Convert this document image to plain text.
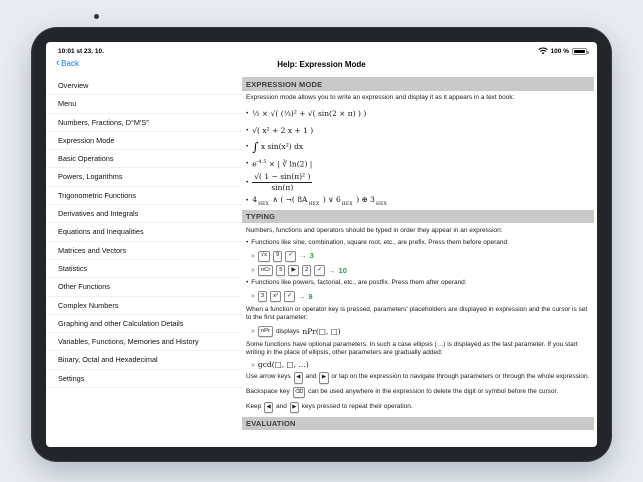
10:01 st 23. 10.	100 %
‹ Back	Help: Expression Mode
Overview
Menu
Numbers, Fractions, D°M′S″
Expression Mode
Basic Operations
Powers, Logarithms
Trigonometric Functions
Derivatives and Integrals
Equations and Inequalities
Matrices and Vectors
Statistics
Other Functions
Complex Numbers
Graphing and other Calculation Details
Variables, Functions, Memories and History
Binary, Octal and Hexadecimal
Settings
EXPRESSION MODE
Expression mode allows you to write an expression and display it as it appears in a text book:
• ½ × √( (⅓)² + √( sin(2 × π) ) )
• √( x² + 2 x + 1 )
• ∫ x sin(x²) dx
• $e^{-4.5}$ × | ∛ ln(2) |
• $\frac{\text{√( 1 − sin(π)² )}}{\sin(\pi)}$
• $4_{HEX}$ ∧ ( ¬( $8A_{HEX}$ ) ∨ $6_{HEX}$ ) ⊕ $3_{HEX}$
TYPING
Numbers, functions and operators should be typed in order they appear in an expression:
• Functions like sine, combination, square root, etc., are prefix. Press them before operand:
»	√x	9	✓ → 3
»	nCr	5	▶	2	✓ → 10
• Functions like powers, factorial, etc., are postfix. Press them after operand:
»	3	x²	✓ → 9
When a function or operator key is pressed, parameters' placeholders are displayed in expression and the cursor is set to the first parameter:
»	nPr displays nPr(□, □)
Some functions have optional parameters. In such a case ellipsis (…) is displayed as the last parameter. If you start writing in the place of ellipsis, other parameters are gradually added:
» gcd(□, □, …)
Use arrow keys ◀ and ▶ or tap on the expression to navigate through parameters or through the whole expression.
Backspace key ⌫ can be used anywhere in the expression to delete the digit or symbol before the cursor.
Keep ◀ and ▶ keys pressed to repeat their operation.
EVALUATION
